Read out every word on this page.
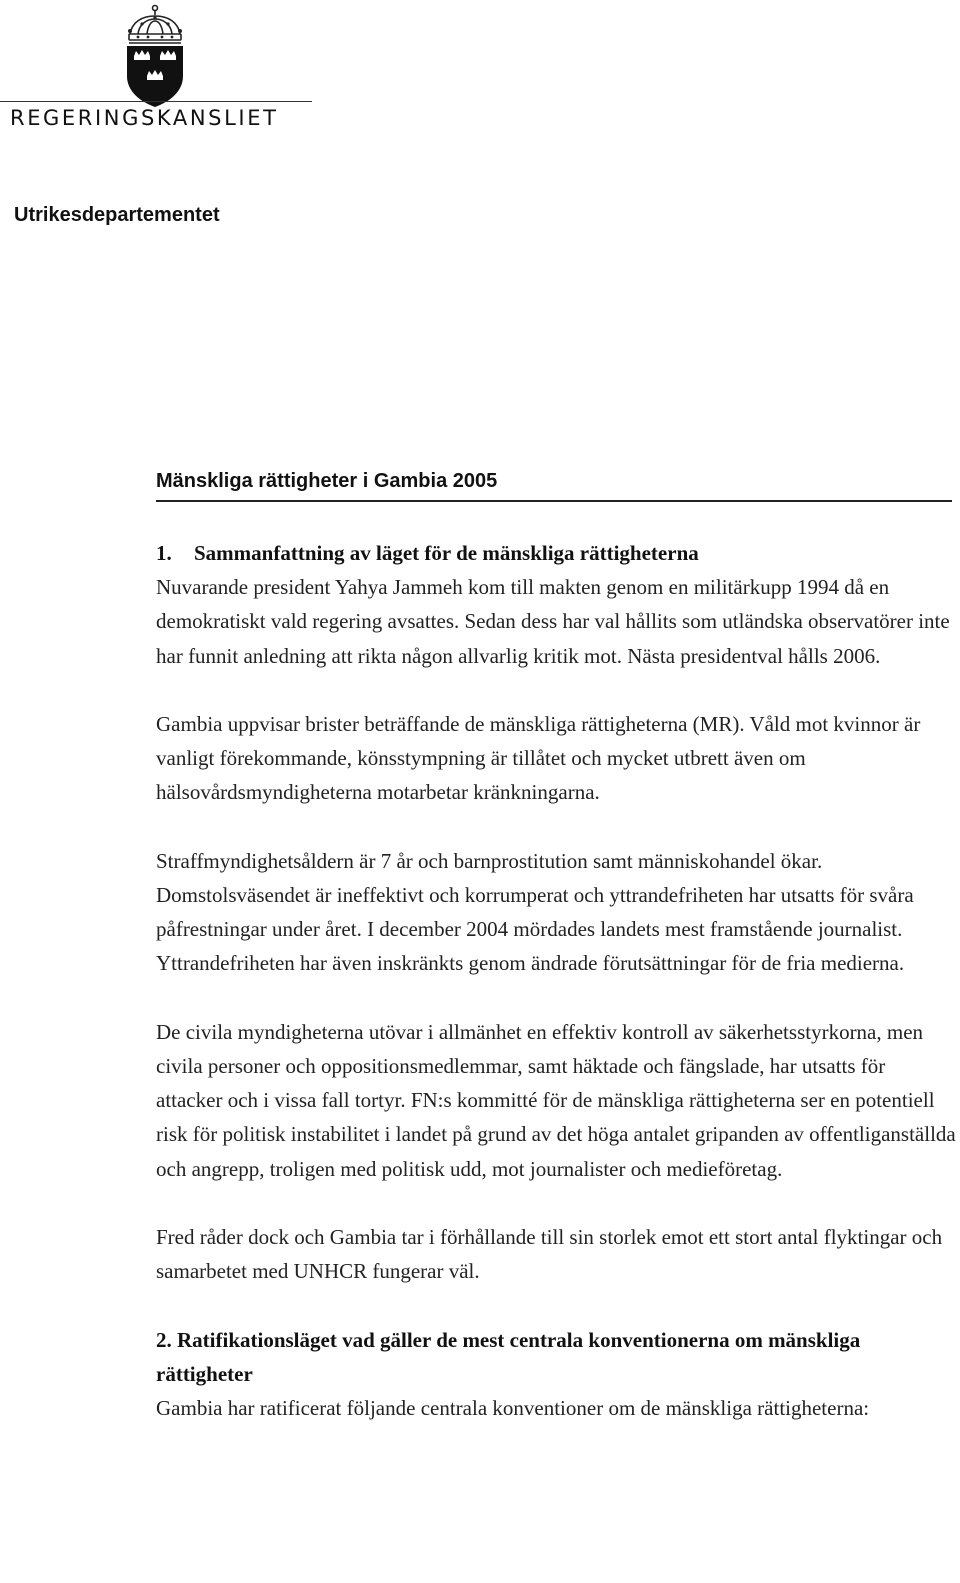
REGERINGSKANSLIET
Utrikesdepartementet
Mänskliga rättigheter i Gambia 2005
1. Sammanfattning av läget för de mänskliga rättigheterna

Nuvarande president Yahya Jammeh kom till makten genom en militärkupp 1994 då en demokratiskt vald regering avsattes. Sedan dess har val hållits som utländska observatörer inte har funnit anledning att rikta någon allvarlig kritik mot. Nästa presidentval hålls 2006.

Gambia uppvisar brister beträffande de mänskliga rättigheterna (MR). Våld mot kvinnor är vanligt förekommande, könsstympning är tillåtet och mycket utbrett även om hälsovårdsmyndigheterna motarbetar kränkningarna.

Straffmyndighetsåldern är 7 år och barnprostitution samt människohandel ökar. Domstolsväsendet är ineffektivt och korrumperat och yttrandefriheten har utsatts för svåra påfrestningar under året. I december 2004 mördades landets mest framstående journalist. Yttrandefriheten har även inskränkts genom ändrade förutsättningar för de fria medierna.

De civila myndigheterna utövar i allmänhet en effektiv kontroll av säkerhetsstyrkorna, men civila personer och oppositionsmedlemmar, samt häktade och fängslade, har utsatts för attacker och i vissa fall tortyr. FN:s kommitté för de mänskliga rättigheterna ser en potentiell risk för politisk instabilitet i landet på grund av det höga antalet gripanden av offentliganställda och angrepp, troligen med politisk udd, mot journalister och medieföretag.

Fred råder dock och Gambia tar i förhållande till sin storlek emot ett stort antal flyktingar och samarbetet med UNHCR fungerar väl.

2. Ratifikationsläget vad gäller de mest centrala konventionerna om mänskliga rättigheter
Gambia har ratificerat följande centrala konventioner om de mänskliga rättigheterna:
